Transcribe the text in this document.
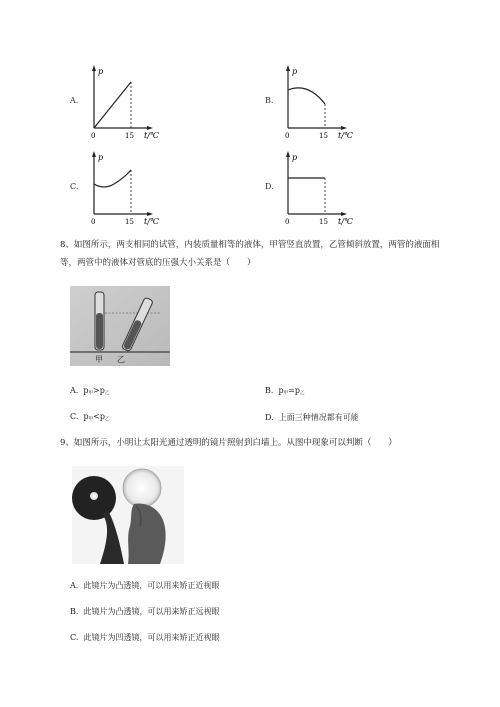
A.
p
t/℃
0	15
B.
p
t/℃
0	15
C.
p
t/℃
0	15
D.
p
t/℃
0	15
8、如图所示，两支相同的试管，内装质量相等的液体，甲管竖直放置，乙管倾斜放置，两管的液面相
等，两管中的液体对管底的压强大小关系是（　　）
甲 乙
A. $p_甲>p_乙$	B. $p_甲=p_乙$
C. $p_甲<p_乙$	D. 上面三种情况都有可能
9、如图所示，小明让太阳光通过透明的镜片照射到白墙上。从图中现象可以判断（　　）
A. 此镜片为凸透镜，可以用来矫正近视眼
B. 此镜片为凸透镜，可以用来矫正远视眼
C. 此镜片为凹透镜，可以用来矫正近视眼
